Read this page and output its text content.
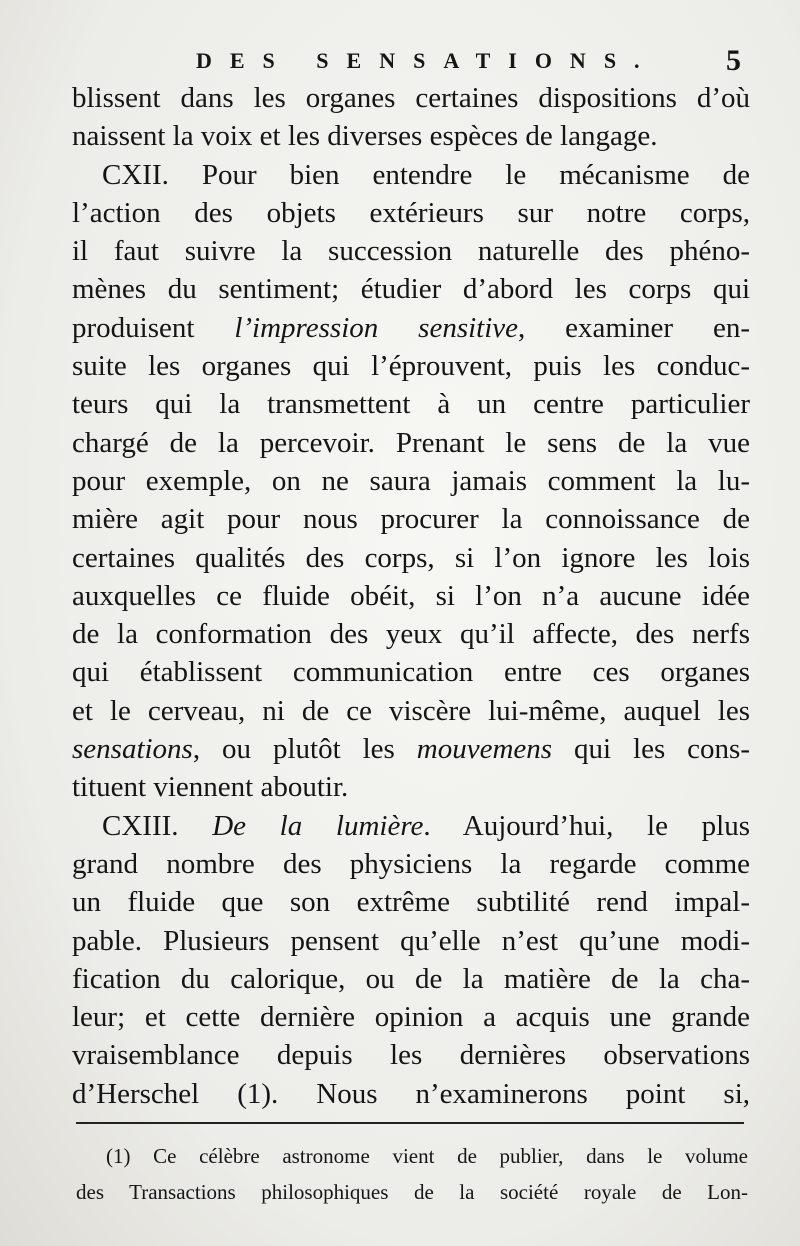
DES SENSATIONS. 5
blissent dans les organes certaines dispositions d’où
naissent la voix et les diverses espèces de langage.
CXII. Pour bien entendre le mécanisme de
l’action des objets extérieurs sur notre corps,
il faut suivre la succession naturelle des phéno-
mènes du sentiment; étudier d’abord les corps qui
produisent l’impression sensitive, examiner en-
suite les organes qui l’éprouvent, puis les conduc-
teurs qui la transmettent à un centre particulier
chargé de la percevoir. Prenant le sens de la vue
pour exemple, on ne saura jamais comment la lu-
mière agit pour nous procurer la connoissance de
certaines qualités des corps, si l’on ignore les lois
auxquelles ce fluide obéit, si l’on n’a aucune idée
de la conformation des yeux qu’il affecte, des nerfs
qui établissent communication entre ces organes
et le cerveau, ni de ce viscère lui-même, auquel les
sensations, ou plutôt les mouvemens qui les cons-
tituent viennent aboutir.
CXIII. De la lumière. Aujourd’hui, le plus
grand nombre des physiciens la regarde comme
un fluide que son extrême subtilité rend impal-
pable. Plusieurs pensent qu’elle n’est qu’une modi-
fication du calorique, ou de la matière de la cha-
leur; et cette dernière opinion a acquis une grande
vraisemblance depuis les dernières observations
d’Herschel (1). Nous n’examinerons point si,
(1) Ce célèbre astronome vient de publier, dans le volume
des Transactions philosophiques de la société royale de Lon-
